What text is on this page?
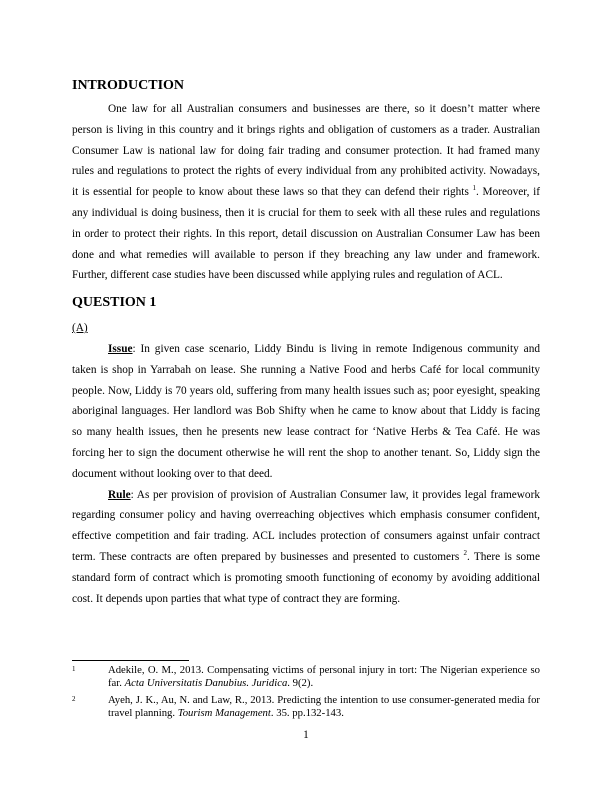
INTRODUCTION

One law for all Australian consumers and businesses are there, so it doesn’t matter where person is living in this country and it brings rights and obligation of customers as a trader. Australian Consumer Law is national law for doing fair trading and consumer protection. It had framed many rules and regulations to protect the rights of every individual from any prohibited activity. Nowadays, it is essential for people to know about these laws so that they can defend their rights $^1$. Moreover, if any individual is doing business, then it is crucial for them to seek with all these rules and regulations in order to protect their rights. In this report, detail discussion on Australian Consumer Law has been done and what remedies will available to person if they breaching any law under and framework. Further, different case studies have been discussed while applying rules and regulation of ACL.

QUESTION 1

(A)

Issue: In given case scenario, Liddy Bindu is living in remote Indigenous community and taken is shop in Yarrabah on lease. She running a Native Food and herbs Café for local community people. Now, Liddy is 70 years old, suffering from many health issues such as; poor eyesight, speaking aboriginal languages. Her landlord was Bob Shifty when he came to know about that Liddy is facing so many health issues, then he presents new lease contract for ‘Native Herbs & Tea Café. He was forcing her to sign the document otherwise he will rent the shop to another tenant. So, Liddy sign the document without looking over to that deed.

Rule: As per provision of provision of Australian Consumer law, it provides legal framework regarding consumer policy and having overreaching objectives which emphasis consumer confident, effective competition and fair trading. ACL includes protection of consumers against unfair contract term. These contracts are often prepared by businesses and presented to customers $^2$. There is some standard form of contract which is promoting smooth functioning of economy by avoiding additional cost. It depends upon parties that what type of contract they are forming.

1	Adekile, O. M., 2013. Compensating victims of personal injury in tort: The Nigerian experience so far. Acta Universitatis Danubius. Juridica. 9(2).
2	Ayeh, J. K., Au, N. and Law, R., 2013. Predicting the intention to use consumer-generated media for travel planning. Tourism Management. 35. pp.132-143.
1
